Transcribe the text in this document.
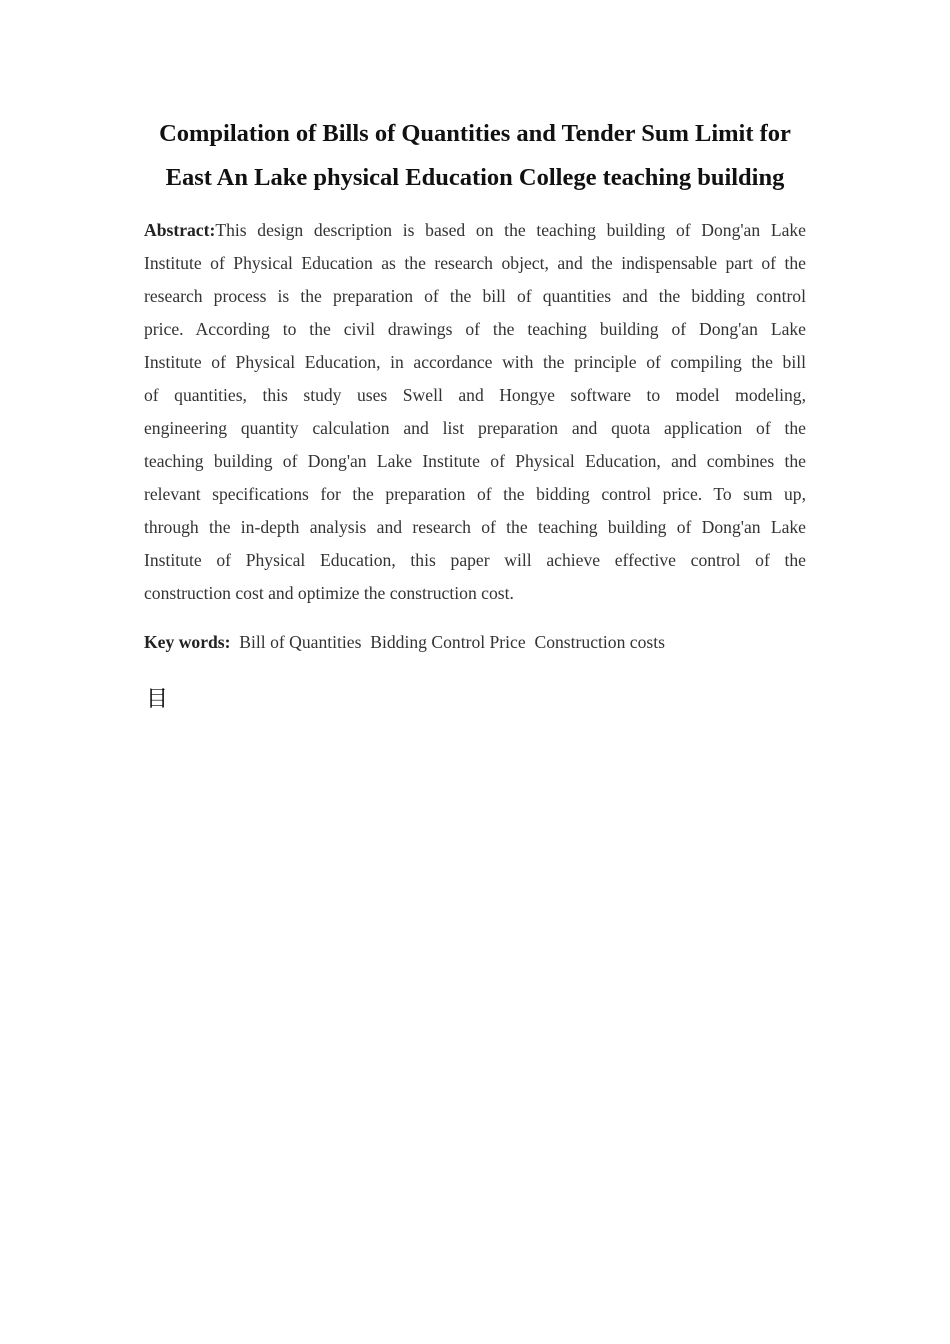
Compilation of Bills of Quantities and Tender Sum Limit for
East An Lake physical Education College teaching building
Abstract:This design description is based on the teaching building of Dong'an Lake
Institute of Physical Education as the research object, and the indispensable part of the
research process is the preparation of the bill of quantities and the bidding control
price. According to the civil drawings of the teaching building of Dong'an Lake
Institute of Physical Education, in accordance with the principle of compiling the bill
of quantities, this study uses Swell and Hongye software to model modeling,
engineering quantity calculation and list preparation and quota application of the
teaching building of Dong'an Lake Institute of Physical Education, and combines the
relevant specifications for the preparation of the bidding control price. To sum up,
through the in-depth analysis and research of the teaching building of Dong'an Lake
Institute of Physical Education, this paper will achieve effective control of the
construction cost and optimize the construction cost.
Key words: Bill of Quantities Bidding Control Price Construction costs
目
